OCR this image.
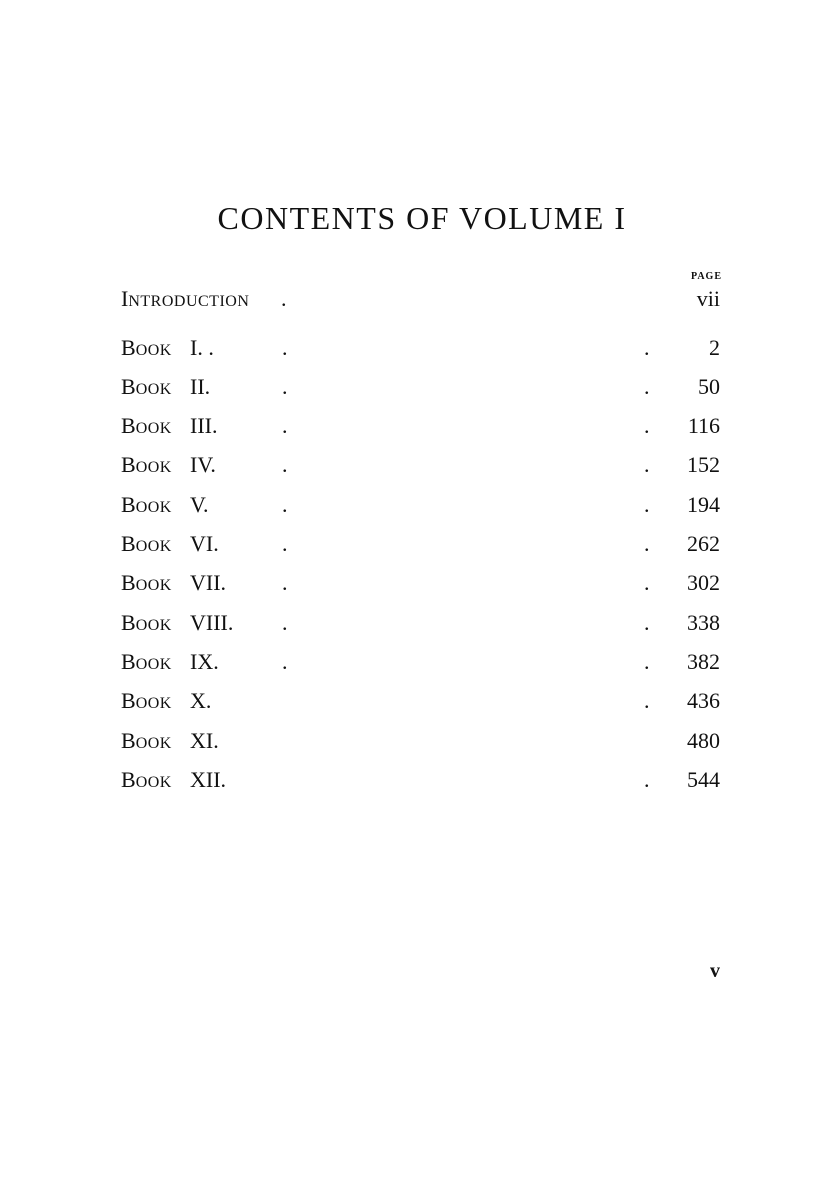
CONTENTS OF VOLUME I
PAGE
INTRODUCTION .	vii
BOOK I. .	.	.	2
BOOK II.	.	. 50
BOOK III.	.	. 116
BOOK IV.	.	. 152
BOOK V.	.	. 194
BOOK VI.	.	. 262
BOOK VII.	.	. 302
BOOK VIII. .	. 338
BOOK IX.	.	. 382
BOOK X.	. 436
BOOK XI.	480
BOOK XII.	. 544
v
